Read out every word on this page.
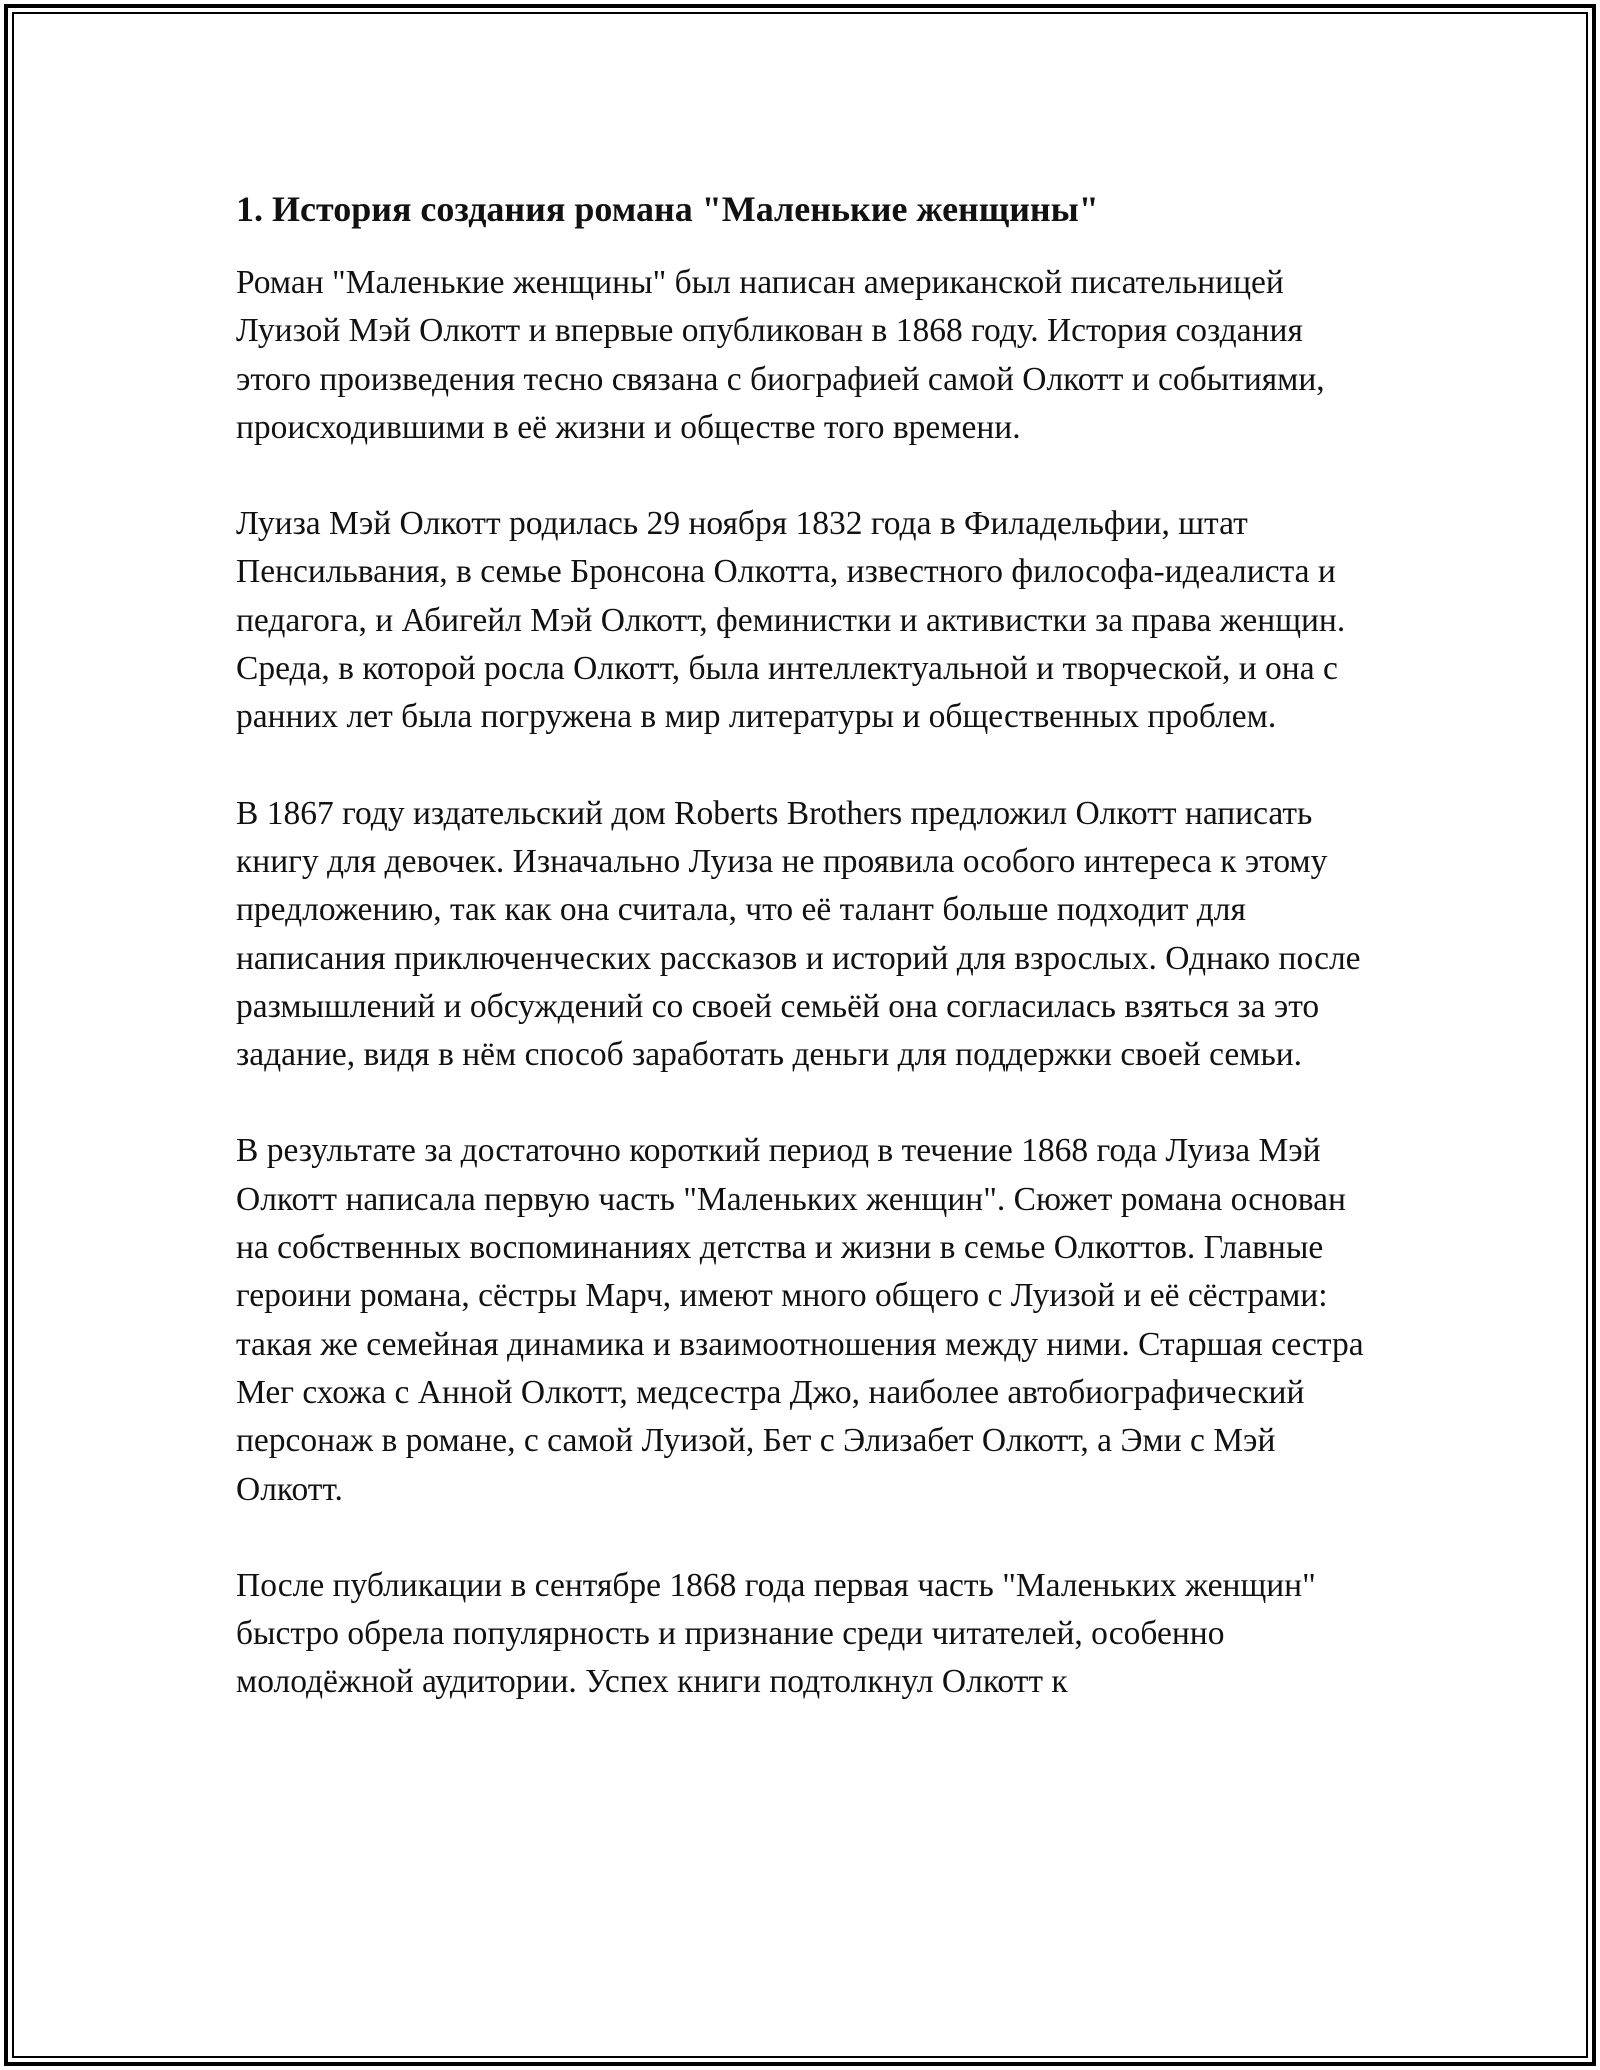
1. История создания романа "Маленькие женщины"

Роман "Маленькие женщины" был написан американской писательницей Луизой Мэй Олкотт и впервые опубликован в 1868 году. История создания этого произведения тесно связана с биографией самой Олкотт и событиями, происходившими в её жизни и обществе того времени.

Луиза Мэй Олкотт родилась 29 ноября 1832 года в Филадельфии, штат Пенсильвания, в семье Бронсона Олкотта, известного философа-идеалиста и педагога, и Абигейл Мэй Олкотт, феминистки и активистки за права женщин. Среда, в которой росла Олкотт, была интеллектуальной и творческой, и она с ранних лет была погружена в мир литературы и общественных проблем.

В 1867 году издательский дом Roberts Brothers предложил Олкотт написать книгу для девочек. Изначально Луиза не проявила особого интереса к этому предложению, так как она считала, что её талант больше подходит для написания приключенческих рассказов и историй для взрослых. Однако после размышлений и обсуждений со своей семьёй она согласилась взяться за это задание, видя в нём способ заработать деньги для поддержки своей семьи.

В результате за достаточно короткий период в течение 1868 года Луиза Мэй Олкотт написала первую часть "Маленьких женщин". Сюжет романа основан на собственных воспоминаниях детства и жизни в семье Олкоттов. Главные героини романа, сёстры Марч, имеют много общего с Луизой и её сёстрами: такая же семейная динамика и взаимоотношения между ними. Старшая сестра Мег схожа с Анной Олкотт, медсестра Джо, наиболее автобиографический персонаж в романе, с самой Луизой, Бет с Элизабет Олкотт, а Эми с Мэй Олкотт.

После публикации в сентябре 1868 года первая часть "Маленьких женщин" быстро обрела популярность и признание среди читателей, особенно молодёжной аудитории. Успех книги подтолкнул Олкотт к
